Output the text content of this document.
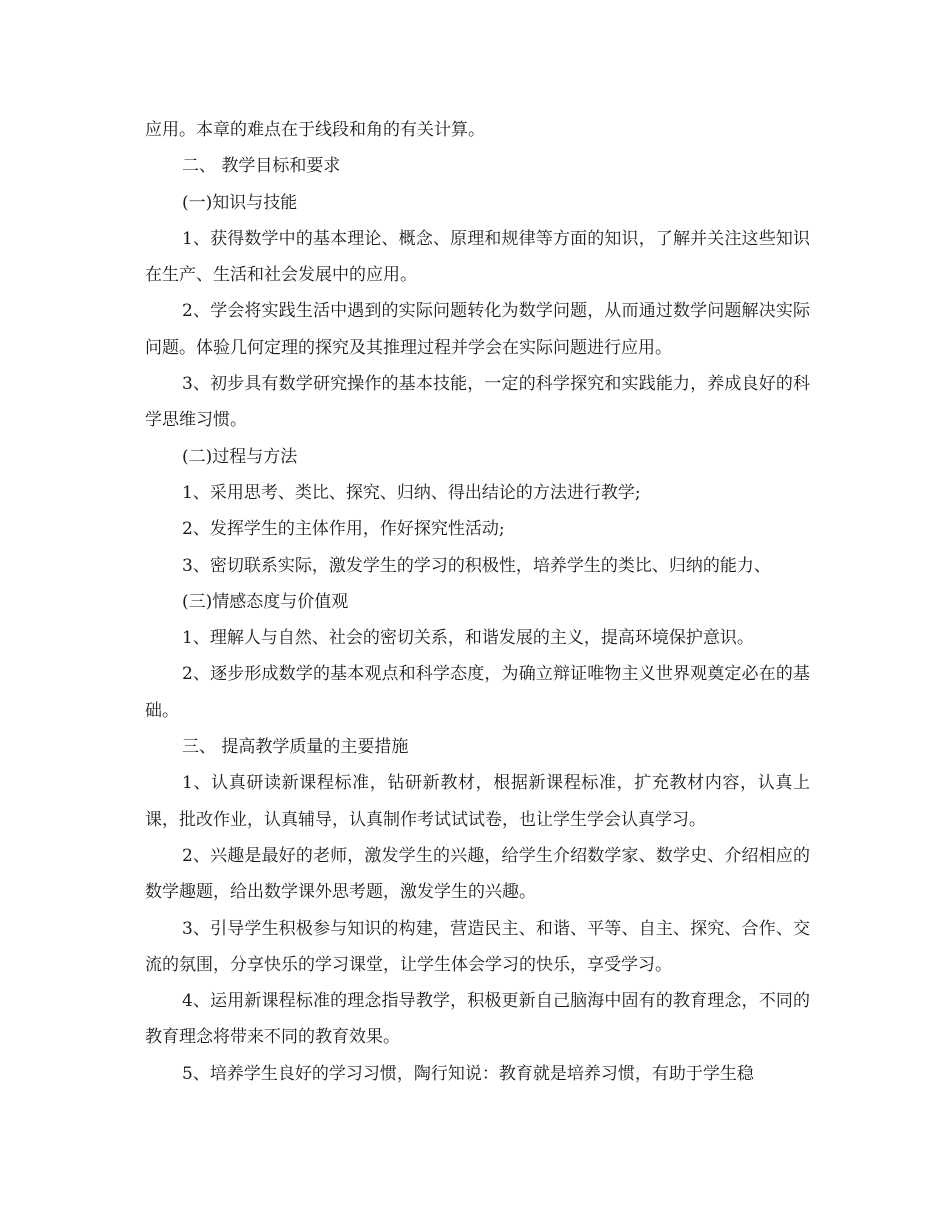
应用。本章的难点在于线段和角的有关计算。

二、 教学目标和要求

(一)知识与技能

1、获得数学中的基本理论、概念、原理和规律等方面的知识，了解并关注这些知识在生产、生活和社会发展中的应用。

2、学会将实践生活中遇到的实际问题转化为数学问题，从而通过数学问题解决实际问题。体验几何定理的探究及其推理过程并学会在实际问题进行应用。

3、初步具有数学研究操作的基本技能，一定的科学探究和实践能力，养成良好的科学思维习惯。

(二)过程与方法

1、采用思考、类比、探究、归纳、得出结论的方法进行教学;

2、发挥学生的主体作用，作好探究性活动;

3、密切联系实际，激发学生的学习的积极性，培养学生的类比、归纳的能力、

(三)情感态度与价值观

1、理解人与自然、社会的密切关系，和谐发展的主义，提高环境保护意识。

2、逐步形成数学的基本观点和科学态度，为确立辩证唯物主义世界观奠定必在的基础。

三、 提高教学质量的主要措施

1、认真研读新课程标准，钻研新教材，根据新课程标准，扩充教材内容，认真上课，批改作业，认真辅导，认真制作考试试试卷，也让学生学会认真学习。

2、兴趣是最好的老师，激发学生的兴趣，给学生介绍数学家、数学史、介绍相应的数学趣题，给出数学课外思考题，激发学生的兴趣。

3、引导学生积极参与知识的构建，营造民主、和谐、平等、自主、探究、合作、交流的氛围，分享快乐的学习课堂，让学生体会学习的快乐，享受学习。

4、运用新课程标准的理念指导教学，积极更新自己脑海中固有的教育理念，不同的教育理念将带来不同的教育效果。

5、培养学生良好的学习习惯，陶行知说：教育就是培养习惯，有助于学生稳
